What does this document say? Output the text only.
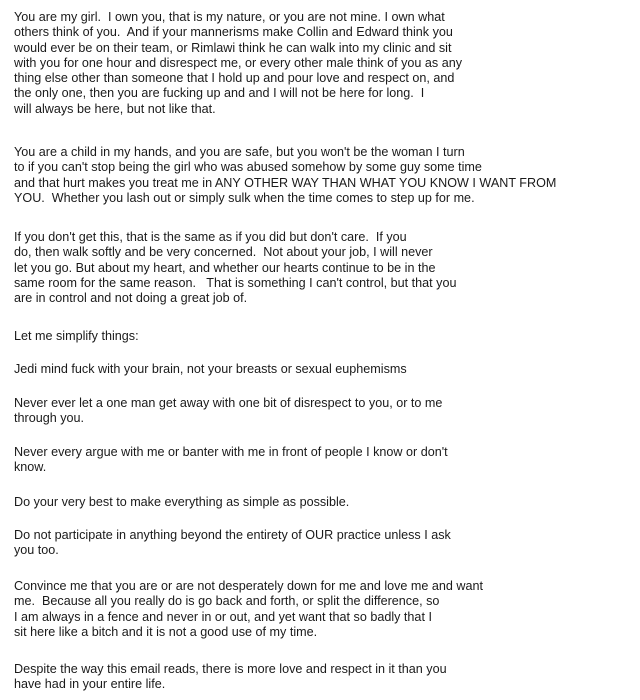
You are my girl.  I own you, that is my nature, or you are not mine. I own what
others think of you.  And if your mannerisms make Collin and Edward think you
would ever be on their team, or Rimlawi think he can walk into my clinic and sit
with you for one hour and disrespect me, or every other male think of you as any
thing else other than someone that I hold up and pour love and respect on, and
the only one, then you are fucking up and and I will not be here for long.  I
will always be here, but not like that.

You are a child in my hands, and you are safe, but you won't be the woman I turn
to if you can't stop being the girl who was abused somehow by some guy some time
and that hurt makes you treat me in ANY OTHER WAY THAN WHAT YOU KNOW I WANT FROM
YOU.  Whether you lash out or simply sulk when the time comes to step up for me.

If you don't get this, that is the same as if you did but don't care.  If you
do, then walk softly and be very concerned.  Not about your job, I will never
let you go. But about my heart, and whether our hearts continue to be in the
same room for the same reason.   That is something I can't control, but that you
are in control and not doing a great job of.

Let me simplify things:

Jedi mind fuck with your brain, not your breasts or sexual euphemisms

Never ever let a one man get away with one bit of disrespect to you, or to me
through you.

Never every argue with me or banter with me in front of people I know or don't
know.

Do your very best to make everything as simple as possible.

Do not participate in anything beyond the entirety of OUR practice unless I ask
you too.

Convince me that you are or are not desperately down for me and love me and want
me.  Because all you really do is go back and forth, or split the difference, so
I am always in a fence and never in or out, and yet want that so badly that I
sit here like a bitch and it is not a good use of my time.

Despite the way this email reads, there is more love and respect in it than you
have had in your entire life.
